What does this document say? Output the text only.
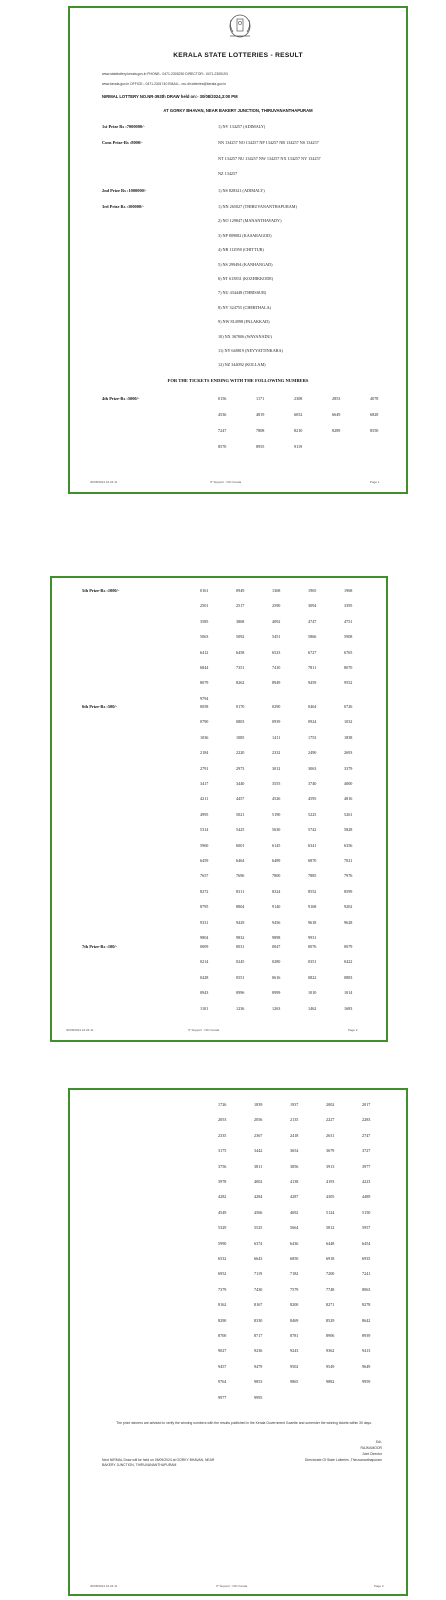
KERALA STATE LOTTERIES - RESULT
www.statelottery.kerala.gov.in PHONE:- 0471-2305230 DIRECTOR:- 0471-2305193
www.kerala.gov.in OFFICE:- 0471-2301740 EMAIL:- cru.dir.lotteries@kerala.gov.in
NIRMAL LOTTERY NO.NR-393th DRAW held on:- 30/08/2024,3:00 PM
AT GORKY BHAVAN, NEAR BAKERY JUNCTION, THIRUVANANTHAPURAM
1st Prize Rs :7000000/-	1) NV 134257 (ADIMALY)
Cons Prize-Rs :8000/-	NN 134257 NO 134257 NP 134257 NR 134257 NS 134257
NT 134257 NU 134257 NW 134257 NX 134257 NY 134257
NZ 134257
2nd Prize Rs :1000000/-	1) NS 828321 (ADIMALY)
3rd Prize Rs :100000/-	1) NN 265027 (THIRUVANANTHAPURAM)
2) NO 129847 (MANANTHAVADY)
3) NP 809082 (KASARAGOD)
4) NR 112950 (CHITTUR)
5) NS 299494 (KANHANGAD)
6) NT 615831 (KOZHIKKODE)
7) NU 434448 (THRISSUR)
8) NV 324755 (CHERTHALA)
9) NW 814998 (PALAKKAD)
10) NX 367006 (WAYANADU)
11) NY 648819 (NEYYATTINKARA)
12) NZ 344092 (KOLLAM)
FOR THE TICKETS ENDING WITH THE FOLLOWING NUMBERS
4th Prize-Rs :5000/-	0156	1171	2308	2853	4078
4536	4819	6052	6649	6828
7247	7808	8210	8289	8550
8570	8955	9119
30/08/2024 16:24:11	IT Support : NIC Kerala	Page 1
5th Prize-Rs :1000/-	0161	0949	1368	1965	1968
2501	2517	2590	3094	3395
3585	3868	4092	4747	4751
5063	5092	5451	5866	5908
6412	6458	6523	6727	6765
6844	7351	7410	7811	8070
8079	8262	8949	9459	9552
9794
6th Prize-Rs :500/-	0058	0170	0290	0464	0726
0790	0803	0939	0924	1032
1036	1085	1411	1753	1838
2184	2220	2332	2490	2693
2791	2973	3012	3063	3379
3417	3440	3555	3740	4000
4211	4457	4526	4595	4816
4995	5021	5190	5225	5261
5314	5425	5630	5742	5828
5960	6001	6145	6341	6356
6459	6464	6489	6870	7021
7657	7696	7800	7885	7976
8272	8311	8324	8552	8599
8795	8804	9140	9168	9202
9331	9429	9456	9618	9628
9804	9832	9898	9931
7th Prize-Rs :100/-	0009	0031	0047	0076	0079
0214	0245	0280	0351	0422
0428	0551	0616	0822	0883
0943	0996	0999	1010	1014
1101	1236	1263	1462	1683
30/08/2024 16:24:11	IT Support : NIC Kerala	Page 2
1726	1839	1937	2002	2017
2053	2056	2135	2227	2283
2335	2367	2418	2631	2747
3175	3442	3654	3679	3727
3756	3811	3856	3913	3977
3978	4002	4138	4193	4223
4282	4284	4287	4305	4489
4549	4566	4692	5124	5150
5329	5525	5664	5812	5957
5990	6374	6436	6448	6454
6532	6643	6850	6918	6935
6952	7119	7182	7200	7241
7379	7430	7579	7748	8063
8162	8167	8200	8271	8278
8290	8330	8469	8529	8642
8700	8717	8781	8906	8939
9027	9236	9243	9362	9413
9457	9479	9502	9549	9649
9764	9853	9865	9882	9959
9977	9995
The prize winners are advised to verify the winning numbers with the results published in the Kerala Government Gazette and surrender the winning tickets within 30 days.
Sd/-
RAJKAMOOR
Joint Director
Next NIRMAL Draw will be held on 06/09/2024 at GORKY BHAVAN, NEAR BAKERY JUNCTION, THIRUVANANTHAPURAM
Directorate Of State Lotteries ,Thiruvananthapuram
30/08/2024 16:24:11	IT Support : NIC Kerala	Page 3
